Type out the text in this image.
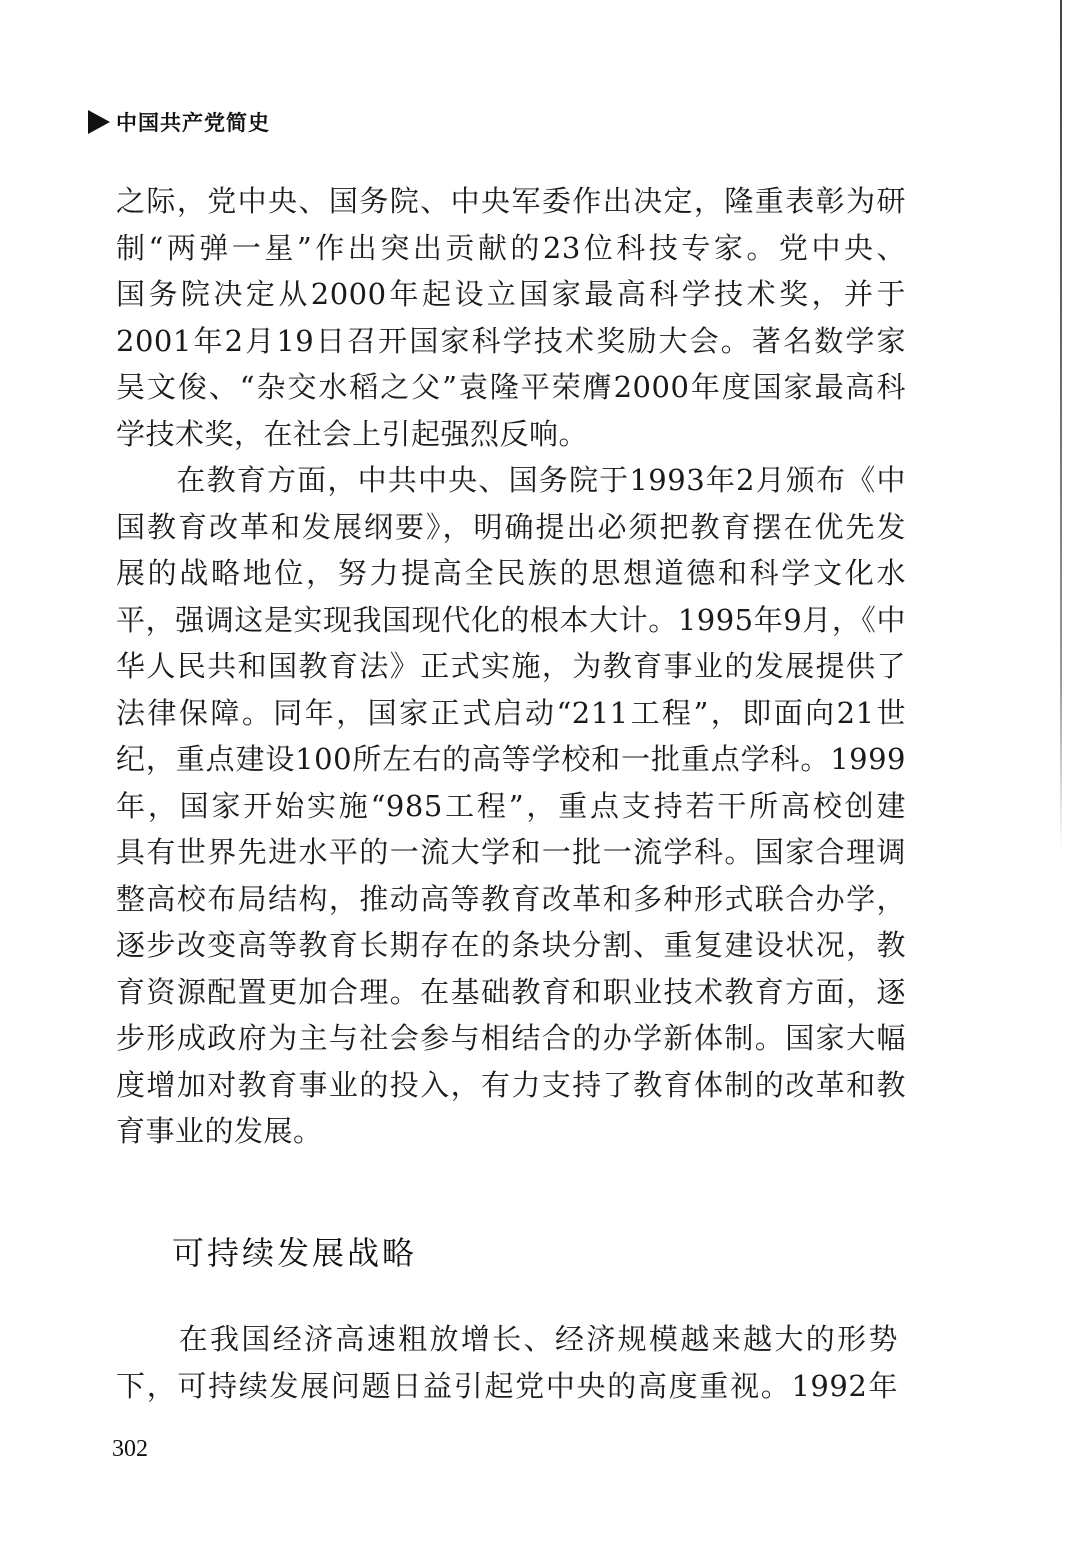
中国共产党简史
之际，党中央、国务院、中央军委作出决定，隆重表彰为研
制“两弹一星”作出突出贡献的23位科技专家。党中央、
国务院决定从2000年起设立国家最高科学技术奖，并于
2001年2月19日召开国家科学技术奖励大会。著名数学家
吴文俊、“杂交水稻之父”袁隆平荣膺2000年度国家最高科
学技术奖，在社会上引起强烈反响。
　　在教育方面，中共中央、国务院于1993年2月颁布《中
国教育改革和发展纲要》，明确提出必须把教育摆在优先发
展的战略地位，努力提高全民族的思想道德和科学文化水
平，强调这是实现我国现代化的根本大计。1995年9月，《中
华人民共和国教育法》正式实施，为教育事业的发展提供了
法律保障。同年，国家正式启动“211工程”，即面向21世
纪，重点建设100所左右的高等学校和一批重点学科。1999
年，国家开始实施“985工程”，重点支持若干所高校创建
具有世界先进水平的一流大学和一批一流学科。国家合理调
整高校布局结构，推动高等教育改革和多种形式联合办学，
逐步改变高等教育长期存在的条块分割、重复建设状况，教
育资源配置更加合理。在基础教育和职业技术教育方面，逐
步形成政府为主与社会参与相结合的办学新体制。国家大幅
度增加对教育事业的投入，有力支持了教育体制的改革和教
育事业的发展。
可持续发展战略
　　在我国经济高速粗放增长、经济规模越来越大的形势
下，可持续发展问题日益引起党中央的高度重视。1992年
302
